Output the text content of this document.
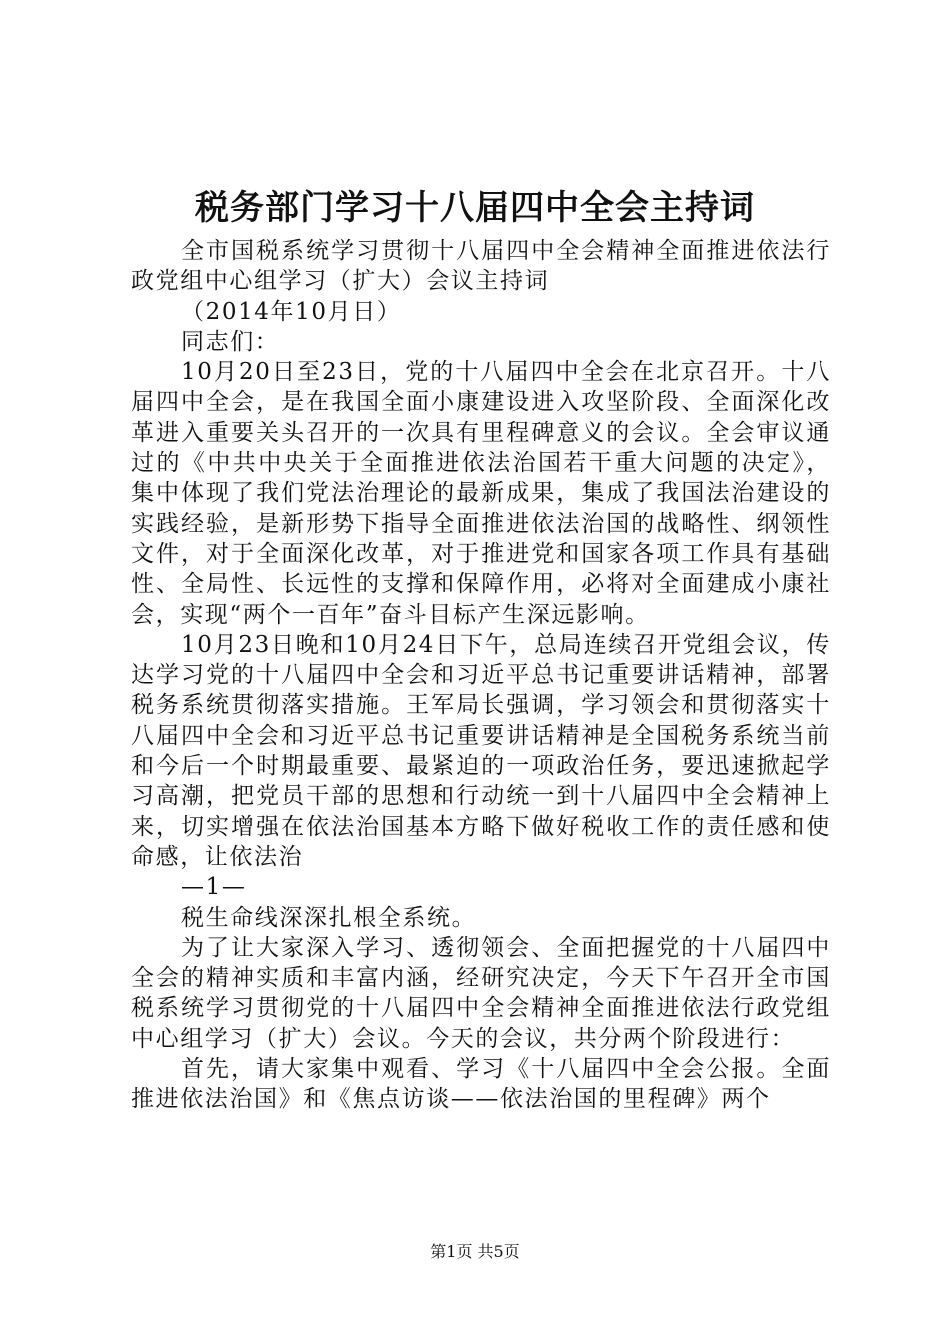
税务部门学习十八届四中全会主持词

全市国税系统学习贯彻十八届四中全会精神全面推进依法行政党组中心组学习（扩大）会议主持词

（2014年10月日）

同志们：

10月20日至23日，党的十八届四中全会在北京召开。十八届四中全会，是在我国全面小康建设进入攻坚阶段、全面深化改革进入重要关头召开的一次具有里程碑意义的会议。全会审议通过的《中共中央关于全面推进依法治国若干重大问题的决定》，集中体现了我们党法治理论的最新成果，集成了我国法治建设的实践经验，是新形势下指导全面推进依法治国的战略性、纲领性文件，对于全面深化改革，对于推进党和国家各项工作具有基础性、全局性、长远性的支撑和保障作用，必将对全面建成小康社会，实现“两个一百年”奋斗目标产生深远影响。

10月23日晚和10月24日下午，总局连续召开党组会议，传达学习党的十八届四中全会和习近平总书记重要讲话精神，部署税务系统贯彻落实措施。王军局长强调，学习领会和贯彻落实十八届四中全会和习近平总书记重要讲话精神是全国税务系统当前和今后一个时期最重要、最紧迫的一项政治任务，要迅速掀起学习高潮，把党员干部的思想和行动统一到十八届四中全会精神上来，切实增强在依法治国基本方略下做好税收工作的责任感和使命感，让依法治

—1—

税生命线深深扎根全系统。

为了让大家深入学习、透彻领会、全面把握党的十八届四中全会的精神实质和丰富内涵，经研究决定，今天下午召开全市国税系统学习贯彻党的十八届四中全会精神全面推进依法行政党组中心组学习（扩大）会议。今天的会议，共分两个阶段进行：

首先，请大家集中观看、学习《十八届四中全会公报。全面推进依法治国》和《焦点访谈——依法治国的里程碑》两个

第1页 共5页
